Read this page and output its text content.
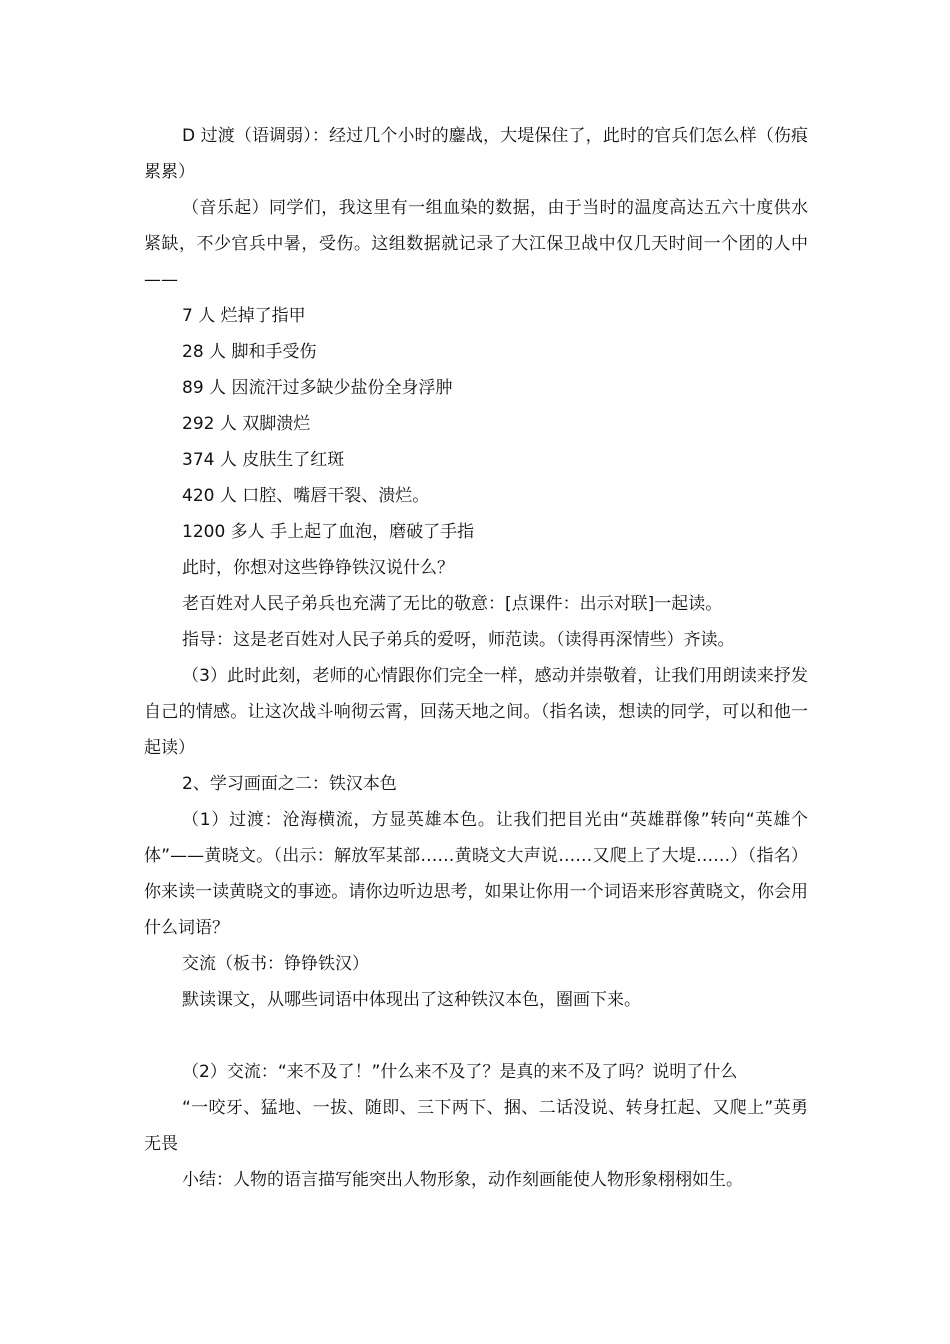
D 过渡（语调弱）：经过几个小时的鏖战，大堤保住了，此时的官兵们怎么样（伤痕累累）

（音乐起）同学们，我这里有一组血染的数据，由于当时的温度高达五六十度供水紧缺，不少官兵中暑，受伤。这组数据就记录了大江保卫战中仅几天时间一个团的人中——

7 人 烂掉了指甲

28 人 脚和手受伤

89 人 因流汗过多缺少盐份全身浮肿

292 人 双脚溃烂

374 人 皮肤生了红斑

420 人 口腔、嘴唇干裂、溃烂。

1200 多人 手上起了血泡，磨破了手指

此时，你想对这些铮铮铁汉说什么？

老百姓对人民子弟兵也充满了无比的敬意：[点课件：出示对联]一起读。

指导：这是老百姓对人民子弟兵的爱呀，师范读。（读得再深情些）齐读。

（3）此时此刻，老师的心情跟你们完全一样，感动并崇敬着，让我们用朗读来抒发自己的情感。让这次战斗响彻云霄，回荡天地之间。（指名读，想读的同学，可以和他一起读）

2、学习画面之二：铁汉本色

（1）过渡：沧海横流，方显英雄本色。让我们把目光由“英雄群像”转向“英雄个体”——黄晓文。（出示：解放军某部……黄晓文大声说……又爬上了大堤……）（指名）你来读一读黄晓文的事迹。请你边听边思考，如果让你用一个词语来形容黄晓文，你会用什么词语？

交流（板书：铮铮铁汉）

默读课文，从哪些词语中体现出了这种铁汉本色，圈画下来。

（2）交流：“来不及了！”什么来不及了？是真的来不及了吗？说明了什么

“一咬牙、猛地、一拔、随即、三下两下、捆、二话没说、转身扛起、又爬上”英勇无畏

小结：人物的语言描写能突出人物形象，动作刻画能使人物形象栩栩如生。
